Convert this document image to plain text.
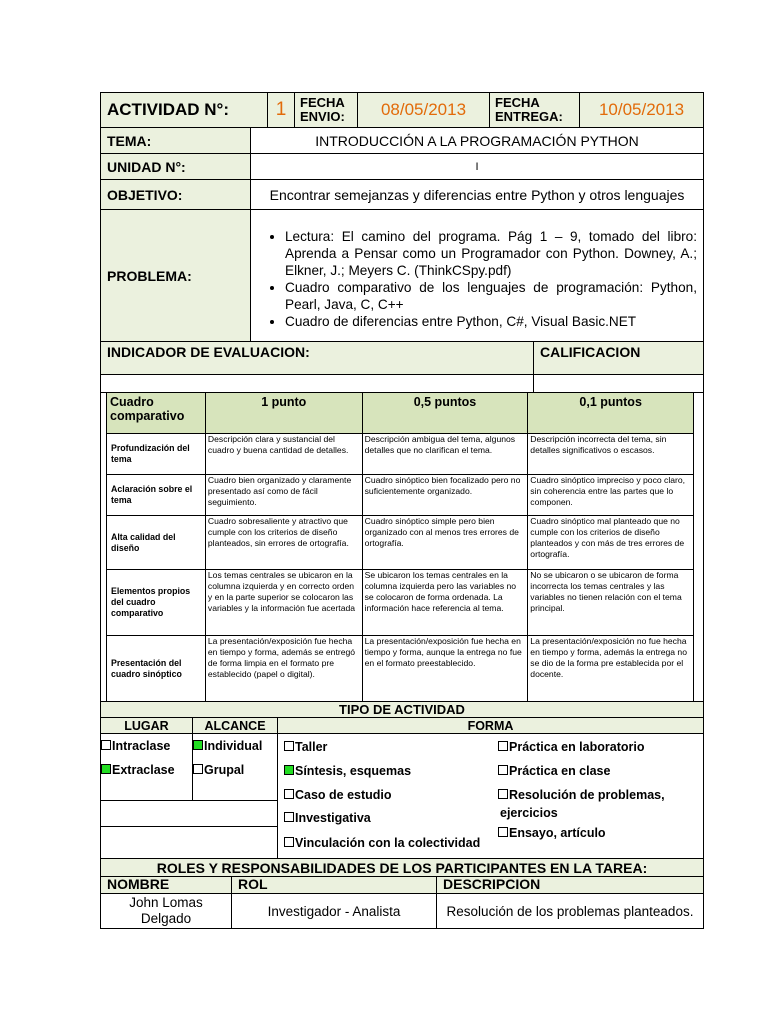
ACTIVIDAD N°:	1	FECHA ENVIO:	08/05/2013	FECHA ENTREGA:	10/05/2013
TEMA:	INTRODUCCIÓN A LA PROGRAMACIÓN PYTHON
UNIDAD N°:	I
OBJETIVO:	Encontrar semejanzas y diferencias entre Python y otros lenguajes
PROBLEMA:
• Lectura: El camino del programa. Pág 1 – 9, tomado del libro: Aprenda a Pensar como un Programador con Python. Downey, A.; Elkner, J.; Meyers C. (ThinkCSpy.pdf)
• Cuadro comparativo de los lenguajes de programación: Python, Pearl, Java, C, C++
• Cuadro de diferencias entre Python, C#, Visual Basic.NET
INDICADOR DE EVALUACION:	CALIFICACION
Cuadro comparativo	1 punto	0,5 puntos	0,1 puntos
Profundización del tema	Descripción clara y sustancial del cuadro y buena cantidad de detalles.	Descripción ambigua del tema, algunos detalles que no clarifican el tema.	Descripción incorrecta del tema, sin detalles significativos o escasos.
Aclaración sobre el tema	Cuadro bien organizado y claramente presentado así como de fácil seguimiento.	Cuadro sinóptico bien focalizado pero no suficientemente organizado.	Cuadro sinóptico impreciso y poco claro, sin coherencia entre las partes que lo componen.
Alta calidad del diseño	Cuadro sobresaliente y atractivo que cumple con los criterios de diseño planteados, sin errores de ortografía.	Cuadro sinóptico simple pero bien organizado con al menos tres errores de ortografía.	Cuadro sinóptico mal planteado que no cumple con los criterios de diseño planteados y con más de tres errores de ortografía.
Elementos propios del cuadro comparativo	Los temas centrales se ubicaron en la columna izquierda y en correcto orden y en la parte superior se colocaron las variables y la información fue acertada	Se ubicaron los temas centrales en la columna izquierda pero las variables no se colocaron de forma ordenada. La información hace referencia al tema.	No se ubicaron o se ubicaron de forma incorrecta los temas centrales y las variables no tienen relación con el tema principal.
Presentación del cuadro sinóptico	La presentación/exposición fue hecha en tiempo y forma, además se entregó de forma limpia en el formato pre establecido (papel o digital).	La presentación/exposición fue hecha en tiempo y forma, aunque la entrega no fue en el formato preestablecido.	La presentación/exposición no fue hecha en tiempo y forma, además la entrega no se dio de la forma pre establecida por el docente.
TIPO DE ACTIVIDAD
LUGAR	ALCANCE	FORMA
Intraclase
Extraclase
Individual
Grupal
Taller
Síntesis, esquemas
Caso de estudio
Investigativa
Vinculación con la colectividad
Práctica en laboratorio
Práctica en clase
Resolución de problemas,
ejercicios
Ensayo, artículo
ROLES Y RESPONSABILIDADES DE LOS PARTICIPANTES EN LA TAREA:
NOMBRE	ROL	DESCRIPCION
John Lomas Delgado	Investigador - Analista	Resolución de los problemas planteados.
